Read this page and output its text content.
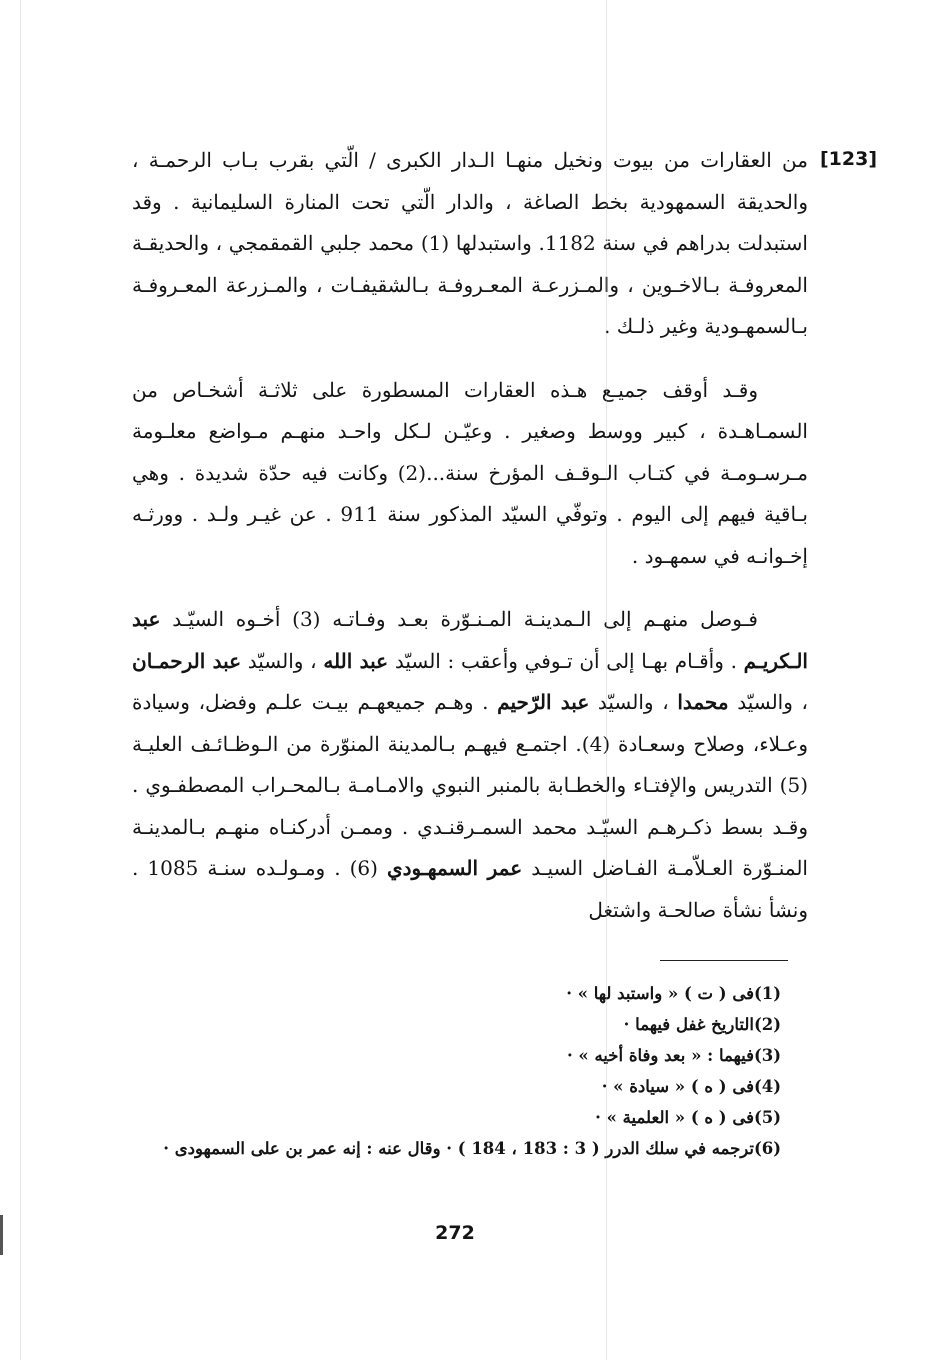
[123]

من العقارات من بيوت ونخيل منهـا الـدار الكبرى / الّتي بقرب بـاب الرحمـة ، والحديقة السمهودية بخط الصاغة ، والدار الّتي تحت المنارة السليمانية . وقد استبدلت بدراهم في سنة 1182. واستبدلها (1) محمد جلبي القمقمجي ، والحديقـة المعروفـة بـالاخـوين ، والمـزرعـة المعـروفـة بـالشقيفـات ، والمـزرعة المعـروفـة بـالسمهـودية وغير ذلـك .

وقـد أوقف جميـع هـذه العقارات المسطورة على ثلاثـة أشخـاص من السمـاهـدة ، كبير ووسط وصغير . وعيّـن لـكل واحـد منهـم مـواضع معلـومة مـرسـومـة في كتـاب الـوقـف المؤرخ سنة...(2) وكانت فيه حدّة شديدة . وهي بـاقية فيهم إلى اليوم . وتوفّي السيّد المذكور سنة 911 . عن غيـر ولـد . وورثـه إخـوانـه في سمهـود .

فـوصل منهـم إلى الـمدينـة المـنـوّرة بعـد وفـاتـه (3) أخـوه السيّـد عبد الـكريـم . وأقـام بهـا إلى أن تـوفي وأعقب : السيّد عبد الله ، والسيّد عبد الرحمـان ، والسيّد محمدا ، والسيّد عبد الرّحيم . وهـم جميعهـم بيـت علـم وفضل، وسيادة وعـلاء، وصلاح وسعـادة (4). اجتمـع فيهـم بـالمدينة المنوّرة من الـوظـائـف العليـة (5) التدريس والإفتـاء والخطـابة بالمنبر النبوي والامـامـة بـالمحـراب المصطفـوي . وقـد بسط ذكـرهـم السيّـد محمد السمـرقنـدي . وممـن أدركنـاه منهـم بـالمدينـة المنـوّرة العـلاّمـة الفـاضل السيـد عمر السمهـودي (6) . ومـولـده سنـة 1085 . ونشأ نشأة صالحـة واشتغل

(1)
فى ( ت ) « واستبد لها » ·
(2)
التاريخ غفل فيهما ·
(3)
فيهما : « بعد وفاة أخيه » ·
(4)
فى ( ه ) « سيادة » ·
(5)
فى ( ه ) « العلمية » ·
(6)
ترجمه في سلك الدرر ( 3 : 183 ، 184 ) · وقال عنه : إنه عمر بن على السمهودى ·
272
